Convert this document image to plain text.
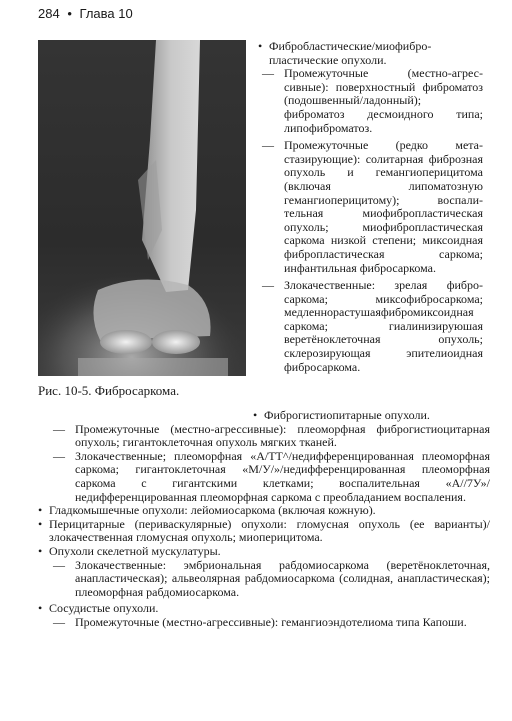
284 • Глава 10
Рис. 10-5. Фибросаркома.
• Фибробластические/миофибропластические опухоли.
— Промежуточные (местно-агрессивные): поверхностный фиброматоз (подошвенный/ладонный); фиброматоз десмоидного типа; липофиброматоз.
— Промежуточные (редко метастазирующие): солитарная фиброзная опухоль и гемангиоперицитома (включая липоматозную гемангиоперицитому); воспалительная миофибропластическая опухоль; миофибропластическая саркома низкой степени; миксоидная фибропластическая саркома; инфантильная фибросаркома.
— Злокачественные: зрелая фибросаркома; миксофибросаркома; медленнорастушаяфибромиксоидная саркома; гиалинизируюшая веретёноклеточная опухоль; склерозирующая эпителиоидная фибросаркома.
• Фиброгистиопитарные опухоли.
— Промежуточные (местно-агрессивные): плеоморфная фиброгистиоцитарная опухоль; гигантоклеточная опухоль мягких тканей.
— Злокачественные; плеоморфная «А/ТТ^/недифференцированная плеоморфная саркома; гигантоклеточная «М/У/»/недифференцированная плеоморфная саркома с гигантскими клетками; воспалительная «А//7У»/недифференцированная плеоморфная саркома с преобладанием воспаления.
• Гладкомышечные опухоли: лейомиосаркома (включая кожную).
• Перицитарные (периваскулярные) опухоли: гломусная опухоль (ее варианты)/злокачественная гломусная опухоль; миоперицитома.
• Опухоли скелетной мускулатуры.
— Злокачественные: эмбриональная рабдомиосаркома (веретёноклеточная, анапластическая); альвеолярная рабдомиосаркома (солидная, анапластическая); плеоморфная рабдомиосаркома.
• Сосудистые опухоли.
— Промежуточные (местно-агрессивные): гемангиоэндотелиома типа Капоши.
